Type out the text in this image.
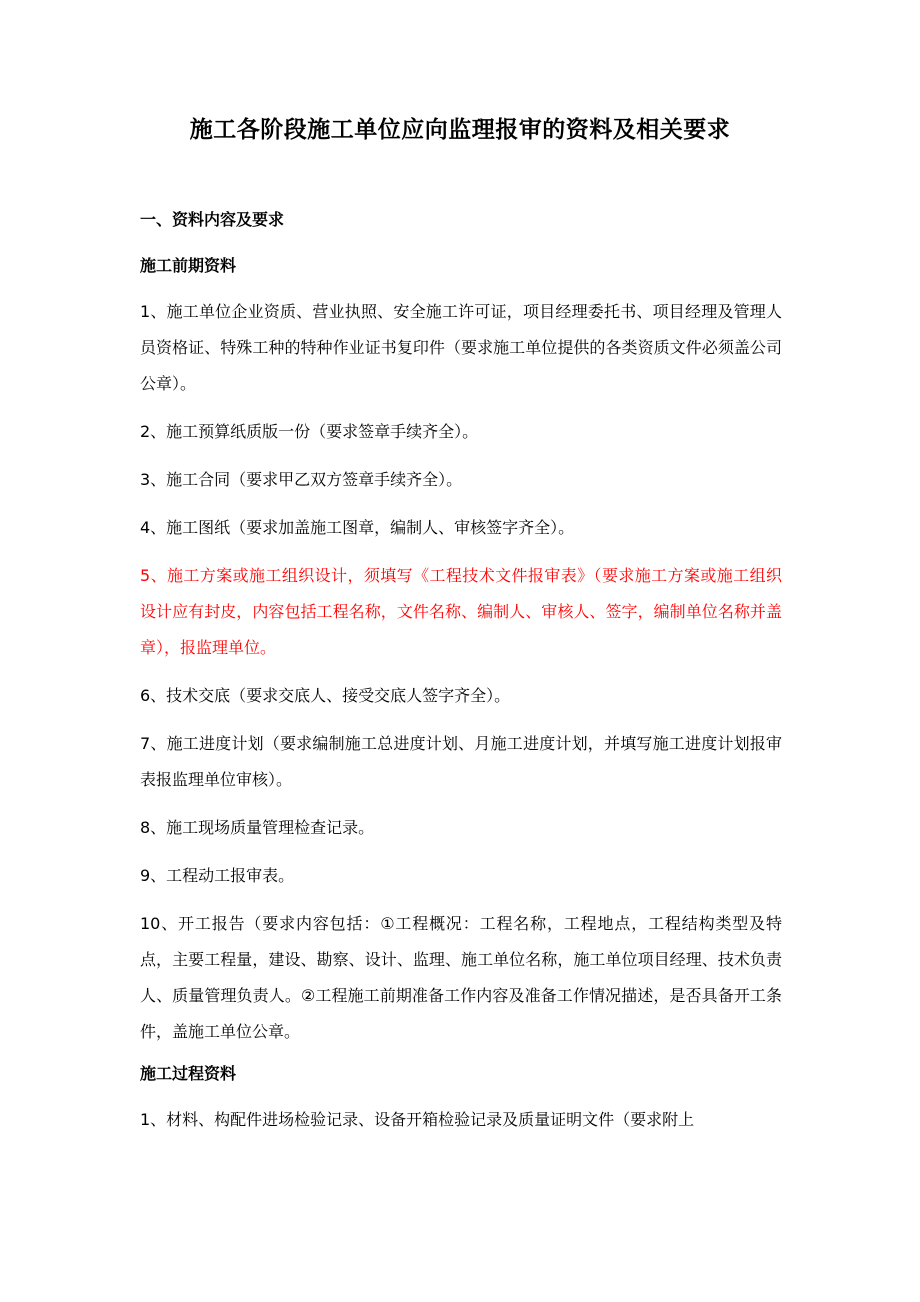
施工各阶段施工单位应向监理报审的资料及相关要求

一、资料内容及要求

施工前期资料

1、施工单位企业资质、营业执照、安全施工许可证，项目经理委托书、项目经理及管理人员资格证、特殊工种的特种作业证书复印件（要求施工单位提供的各类资质文件必须盖公司公章）。

2、施工预算纸质版一份（要求签章手续齐全）。

3、施工合同（要求甲乙双方签章手续齐全）。

4、施工图纸（要求加盖施工图章，编制人、审核签字齐全）。

5、施工方案或施工组织设计，须填写《工程技术文件报审表》（要求施工方案或施工组织设计应有封皮，内容包括工程名称，文件名称、编制人、审核人、签字，编制单位名称并盖章），报监理单位。

6、技术交底（要求交底人、接受交底人签字齐全）。

7、施工进度计划（要求编制施工总进度计划、月施工进度计划，并填写施工进度计划报审表报监理单位审核）。

8、施工现场质量管理检查记录。

9、工程动工报审表。

10、开工报告（要求内容包括：①工程概况：工程名称，工程地点，工程结构类型及特点，主要工程量，建设、勘察、设计、监理、施工单位名称，施工单位项目经理、技术负责人、质量管理负责人。②工程施工前期准备工作内容及准备工作情况描述，是否具备开工条件，盖施工单位公章。

施工过程资料

1、材料、构配件进场检验记录、设备开箱检验记录及质量证明文件（要求附上
